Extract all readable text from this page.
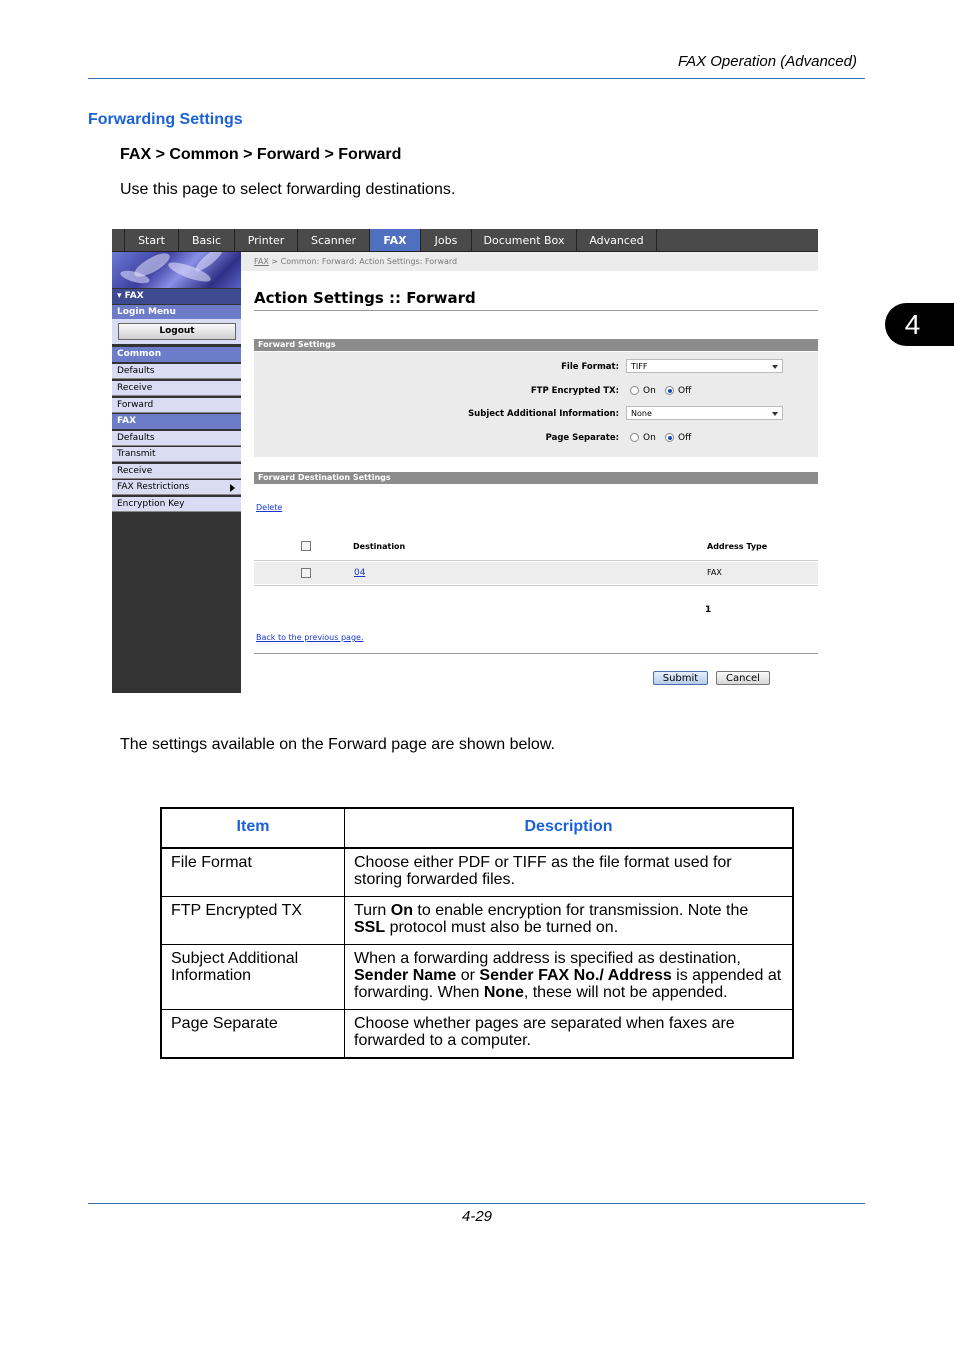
FAX Operation (Advanced)
4
Forwarding Settings
FAX > Common > Forward > Forward
Use this page to select forwarding destinations.
Start	Basic	Printer	Scanner	FAX	Jobs	Document Box	Advanced
▾ FAX
Login Menu
Logout
Common
Defaults
Receive
Forward
FAX
Defaults
Transmit
Receive
FAX Restrictions
Encryption Key
FAX > Common: Forward: Action Settings: Forward
Action Settings :: Forward
Forward Settings
File Format:	TIFF
FTP Encrypted TX:	On Off
Subject Additional Information:	None
Page Separate:	On Off
Forward Destination Settings
Delete
Destination	Address Type
04	FAX
1
Back to the previous page.
Submit	Cancel
The settings available on the Forward page are shown below.
Item	Description
File Format	Choose either PDF or TIFF as the file format used for storing forwarded files.
FTP Encrypted TX	Turn On to enable encryption for transmission. Note the SSL protocol must also be turned on.
Subject Additional Information	When a forwarding address is specified as destination, Sender Name or Sender FAX No./ Address is appended at forwarding. When None, these will not be appended.
Page Separate	Choose whether pages are separated when faxes are forwarded to a computer.
4-29
